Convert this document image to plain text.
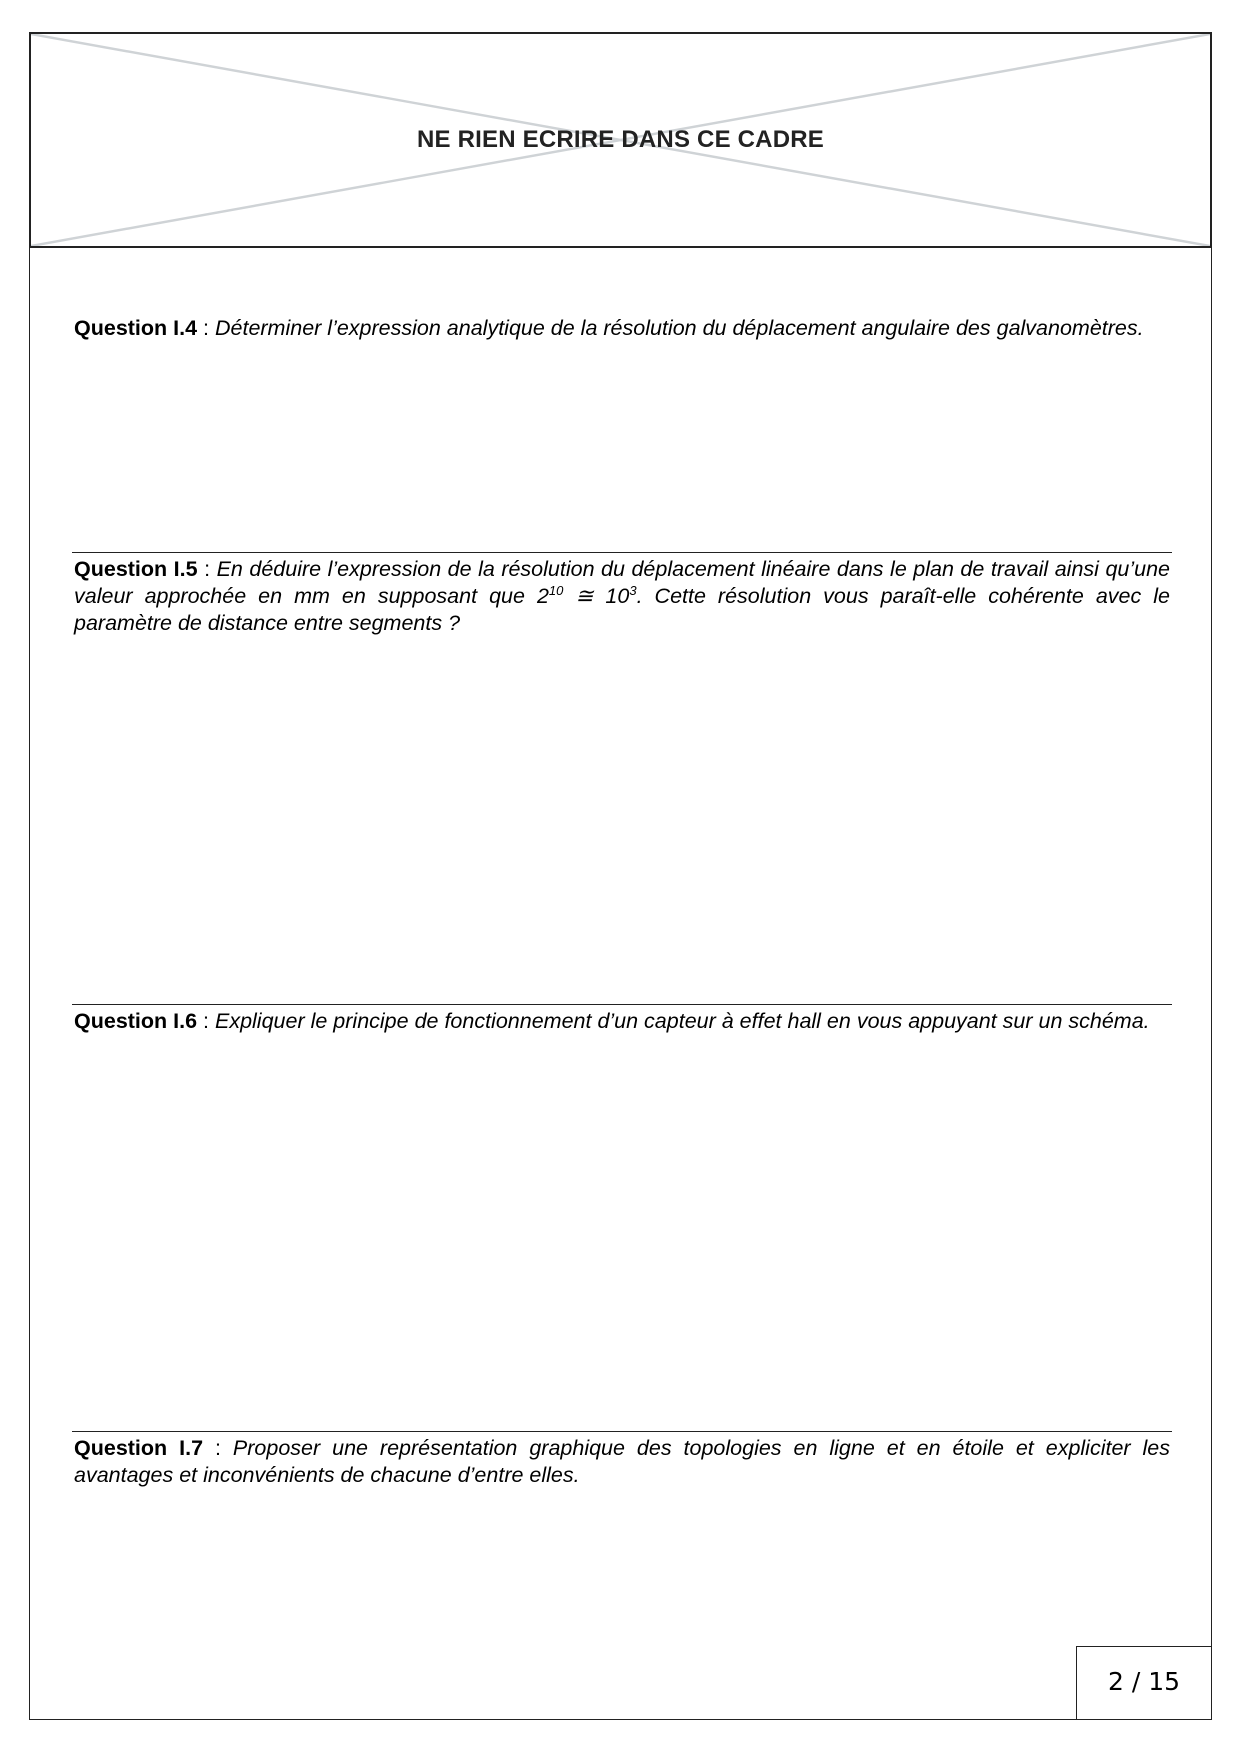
NE RIEN ECRIRE DANS CE CADRE
Question I.4 : Déterminer l’expression analytique de la résolution du déplacement angulaire des galvanomètres.
Question I.5 : En déduire l’expression de la résolution du déplacement linéaire dans le plan de travail ainsi qu’une valeur approchée en mm en supposant que $2^{10}$ ≅ $10^3$. Cette résolution vous paraît-elle cohérente avec le paramètre de distance entre segments ?
Question I.6 : Expliquer le principe de fonctionnement d’un capteur à effet hall en vous appuyant sur un schéma.
Question I.7 : Proposer une représentation graphique des topologies en ligne et en étoile et expliciter les avantages et inconvénients de chacune d’entre elles.
2 / 15
